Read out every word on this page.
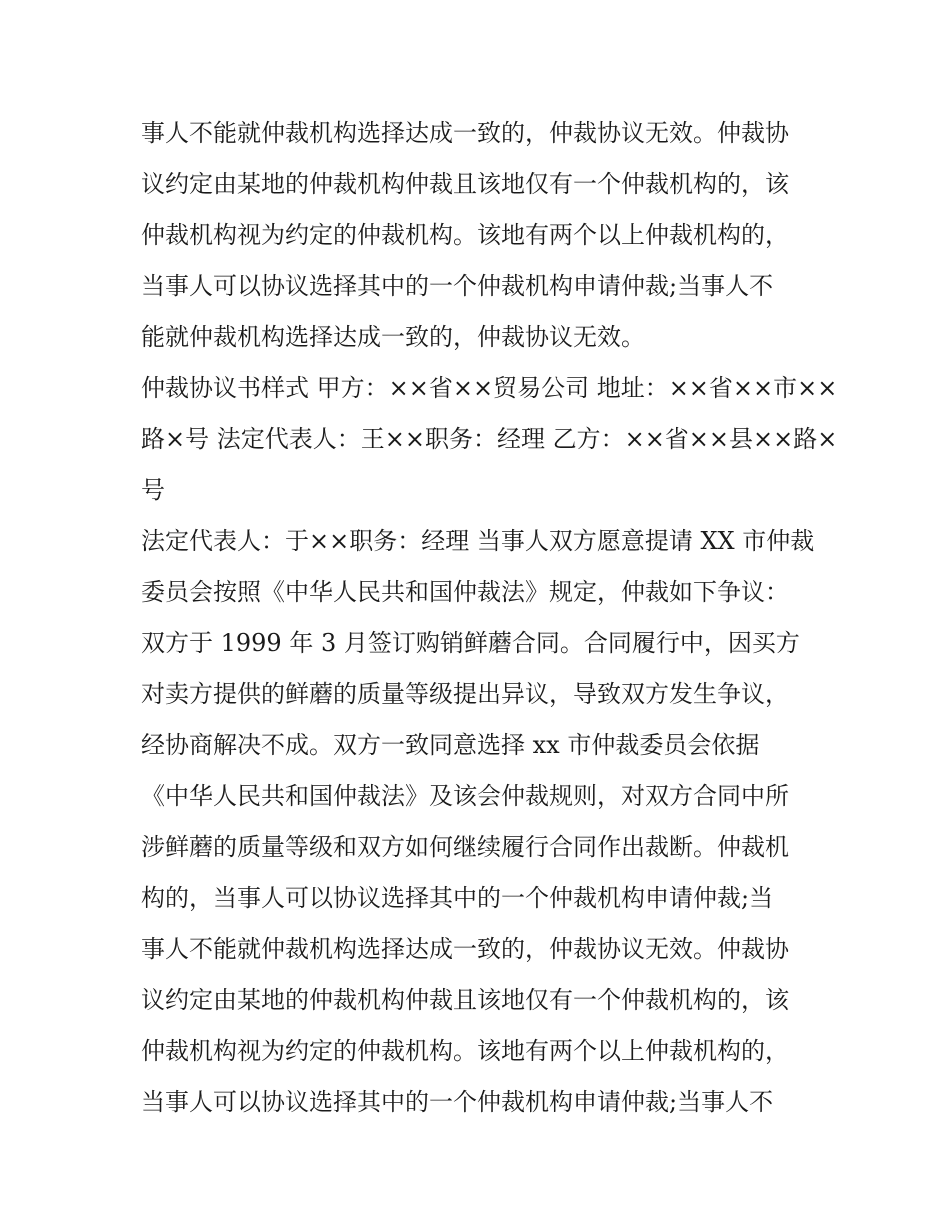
事人不能就仲裁机构选择达成一致的，仲裁协议无效。仲裁协
议约定由某地的仲裁机构仲裁且该地仅有一个仲裁机构的，该
仲裁机构视为约定的仲裁机构。该地有两个以上仲裁机构的，
当事人可以协议选择其中的一个仲裁机构申请仲裁;当事人不
能就仲裁机构选择达成一致的，仲裁协议无效。
仲裁协议书样式 甲方：××省××贸易公司 地址：××省××市××
路×号 法定代表人：王××职务：经理 乙方：××省××县××路×
号
法定代表人：于××职务：经理 当事人双方愿意提请 XX 市仲裁
委员会按照《中华人民共和国仲裁法》规定，仲裁如下争议：
双方于 1999 年 3 月签订购销鲜蘑合同。合同履行中，因买方
对卖方提供的鲜蘑的质量等级提出异议，导致双方发生争议，
经协商解决不成。双方一致同意选择 xx 市仲裁委员会依据
《中华人民共和国仲裁法》及该会仲裁规则，对双方合同中所
涉鲜蘑的质量等级和双方如何继续履行合同作出裁断。仲裁机
构的，当事人可以协议选择其中的一个仲裁机构申请仲裁;当
事人不能就仲裁机构选择达成一致的，仲裁协议无效。仲裁协
议约定由某地的仲裁机构仲裁且该地仅有一个仲裁机构的，该
仲裁机构视为约定的仲裁机构。该地有两个以上仲裁机构的，
当事人可以协议选择其中的一个仲裁机构申请仲裁;当事人不
